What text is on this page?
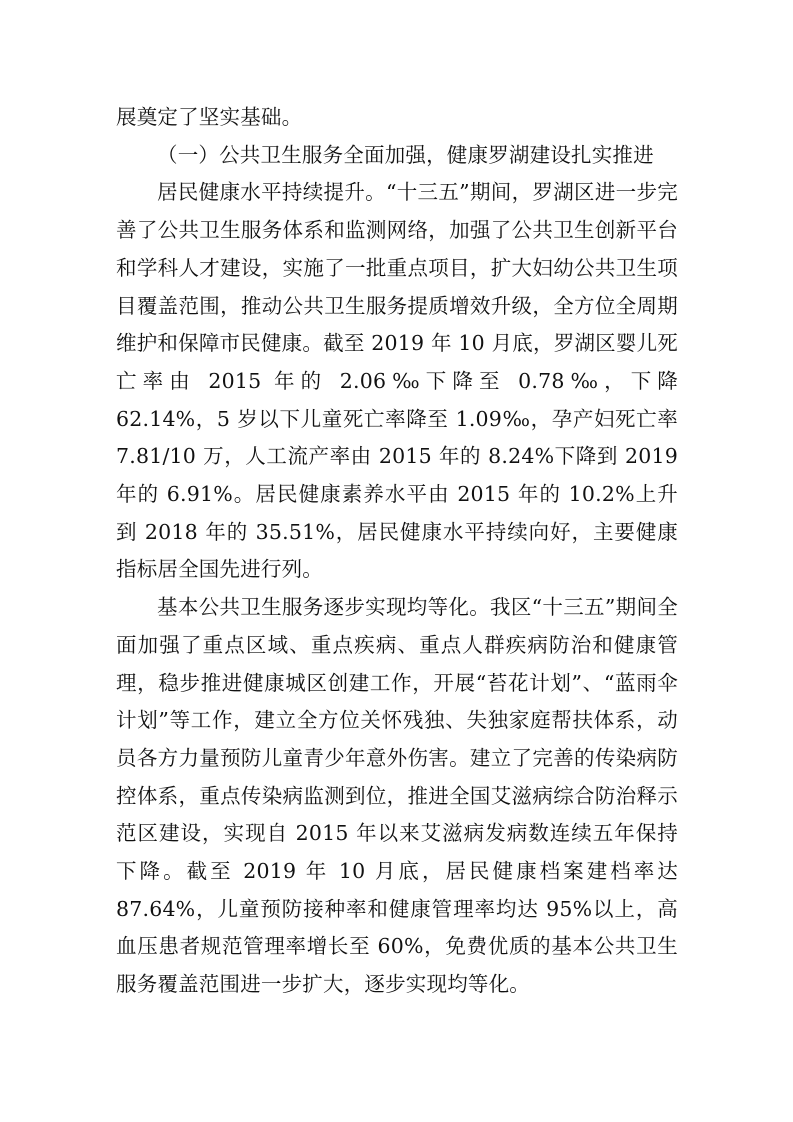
展奠定了坚实基础。

（一）公共卫生服务全面加强，健康罗湖建设扎实推进

居民健康水平持续提升。“十三五”期间，罗湖区进一步完善了公共卫生服务体系和监测网络，加强了公共卫生创新平台和学科人才建设，实施了一批重点项目，扩大妇幼公共卫生项目覆盖范围，推动公共卫生服务提质增效升级，全方位全周期维护和保障市民健康。截至 2019 年 10 月底，罗湖区婴儿死亡率由 2015 年的 2.06‰下降至 0.78‰，下降 62.14%，5 岁以下儿童死亡率降至 1.09‰，孕产妇死亡率 7.81/10 万，人工流产率由 2015 年的 8.24%下降到 2019 年的 6.91%。居民健康素养水平由 2015 年的 10.2%上升到 2018 年的 35.51%，居民健康水平持续向好，主要健康指标居全国先进行列。

基本公共卫生服务逐步实现均等化。我区“十三五”期间全面加强了重点区域、重点疾病、重点人群疾病防治和健康管理，稳步推进健康城区创建工作，开展“苔花计划”、“蓝雨伞计划”等工作，建立全方位关怀残独、失独家庭帮扶体系，动员各方力量预防儿童青少年意外伤害。建立了完善的传染病防控体系，重点传染病监测到位，推进全国艾滋病综合防治释示范区建设，实现自 2015 年以来艾滋病发病数连续五年保持下降。截至 2019 年 10 月底，居民健康档案建档率达 87.64%，儿童预防接种率和健康管理率均达 95%以上，高血压患者规范管理率增长至 60%，免费优质的基本公共卫生服务覆盖范围进一步扩大，逐步实现均等化。
